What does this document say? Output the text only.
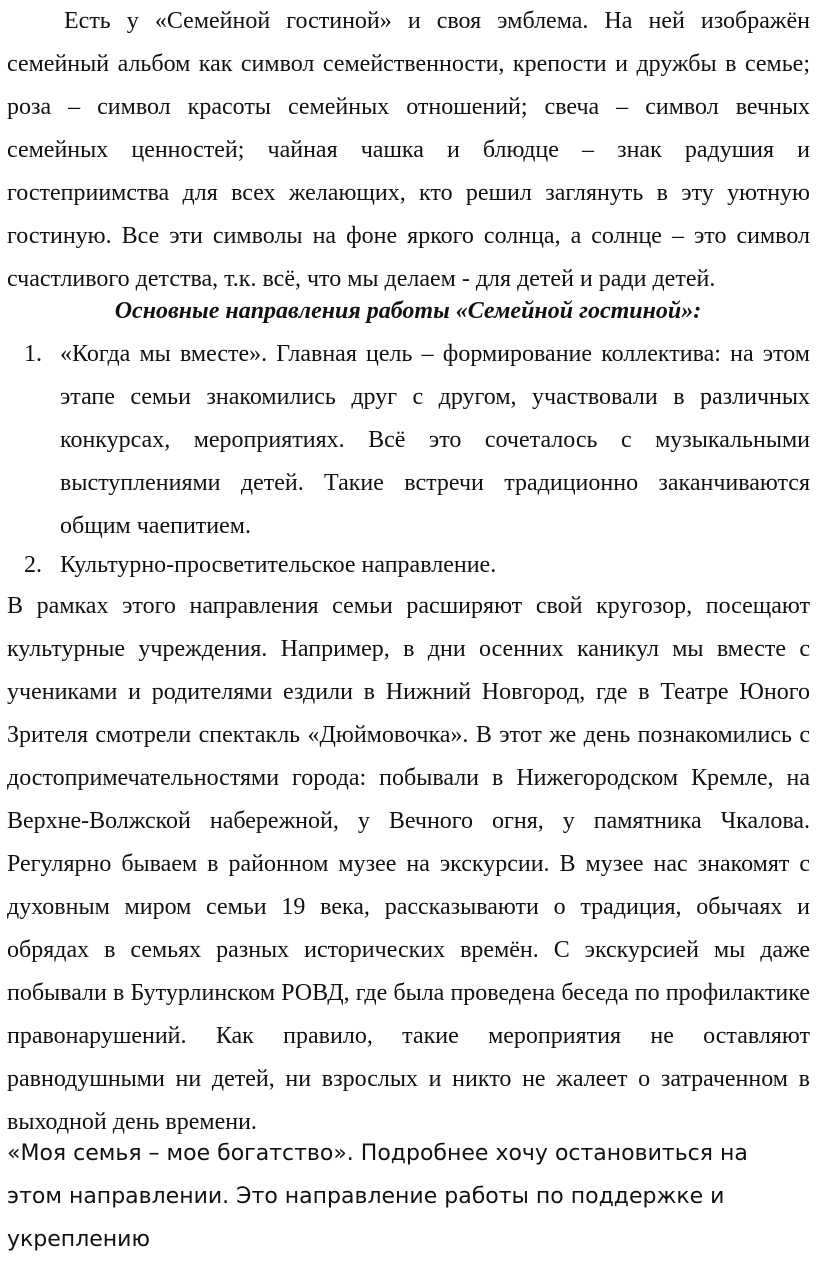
Есть у «Семейной гостиной» и своя эмблема. На ней изображён семейный альбом как символ семейственности, крепости и дружбы в семье; роза – символ красоты семейных отношений; свеча – символ вечных семейных ценностей; чайная чашка и блюдце – знак радушия и гостеприимства для всех желающих, кто решил заглянуть в эту уютную гостиную. Все эти символы на фоне яркого солнца, а солнце – это символ счастливого детства, т.к. всё, что мы делаем - для детей и ради детей.

Основные направления работы «Семейной гостиной»:

1. «Когда мы вместе». Главная цель – формирование коллектива: на этом этапе семьи знакомились друг с другом, участвовали в различных конкурсах, мероприятиях. Всё это сочеталось с музыкальными выступлениями детей. Такие встречи традиционно заканчиваются общим чаепитием.
2. Культурно-просветительское направление.

В рамках этого направления семьи расширяют свой кругозор, посещают культурные учреждения. Например, в дни осенних каникул мы вместе с учениками и родителями ездили в Нижний Новгород, где в Театре Юного Зрителя смотрели спектакль «Дюймовочка». В этот же день познакомились с достопримечательностями города: побывали в Нижегородском Кремле, на Верхне-Волжской набережной, у Вечного огня, у памятника Чкалова. Регулярно бываем в районном музее на экскурсии. В музее нас знакомят с духовным миром семьи 19 века, рассказываюти о традиция, обычаях и обрядах в семьях разных исторических времён. С экскурсией мы даже побывали в Бутурлинском РОВД, где была проведена беседа по профилактике правонарушений. Как правило, такие мероприятия не оставляют равнодушными ни детей, ни взрослых и никто не жалеет о затраченном в выходной день времени.

«Моя семья – мое богатство». Подробнее хочу остановиться на этом направлении. Это направление работы по поддержке и укреплению
